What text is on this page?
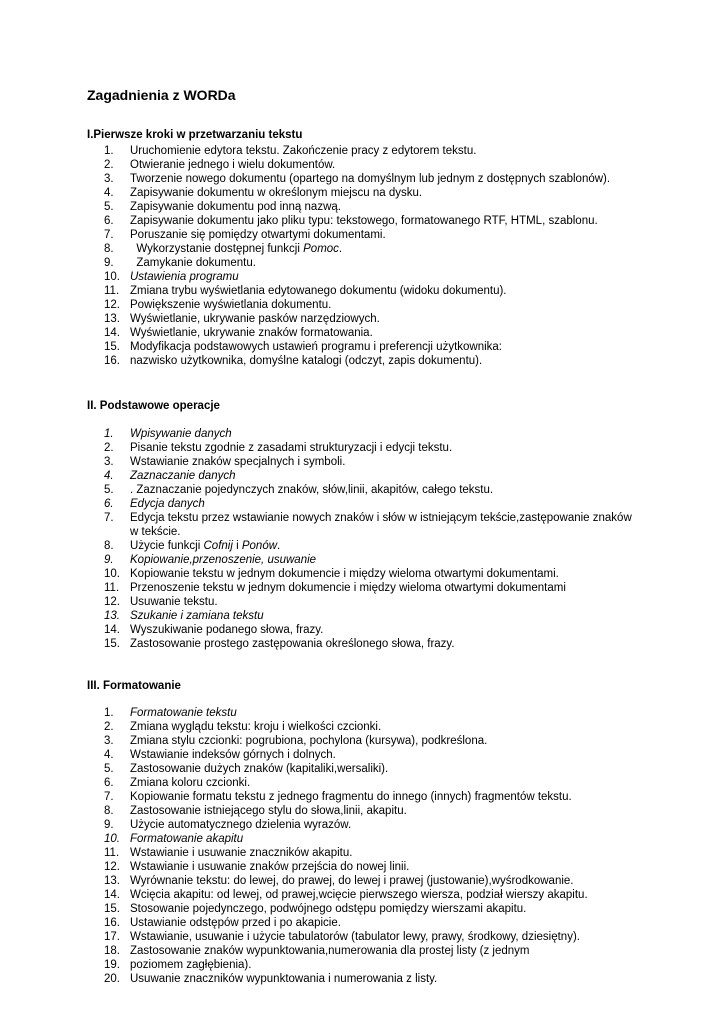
Zagadnienia z WORDa
I.Pierwsze kroki w przetwarzaniu tekstu
1. Uruchomienie edytora tekstu. Zakończenie pracy z edytorem tekstu.
2. Otwieranie jednego i wielu dokumentów.
3. Tworzenie nowego dokumentu (opartego na domyślnym lub jednym z dostępnych szablonów).
4. Zapisywanie dokumentu w określonym miejscu na dysku.
5. Zapisywanie dokumentu pod inną nazwą.
6. Zapisywanie dokumentu jako pliku typu: tekstowego, formatowanego RTF, HTML, szablonu.
7. Poruszanie się pomiędzy otwartymi dokumentami.
8. Wykorzystanie dostępnej funkcji Pomoc.
9. Zamykanie dokumentu.
10. Ustawienia programu
11. Zmiana trybu wyświetlania edytowanego dokumentu (widoku dokumentu).
12. Powiększenie wyświetlania dokumentu.
13. Wyświetlanie, ukrywanie pasków narzędziowych.
14. Wyświetlanie, ukrywanie znaków formatowania.
15. Modyfikacja podstawowych ustawień programu i preferencji użytkownika:
16. nazwisko użytkownika, domyślne katalogi (odczyt, zapis dokumentu).
II. Podstawowe operacje
1. Wpisywanie danych
2. Pisanie tekstu zgodnie z zasadami strukturyzacji i edycji tekstu.
3. Wstawianie znaków specjalnych i symboli.
4. Zaznaczanie danych
5. . Zaznaczanie pojedynczych znaków, słów,linii, akapitów, całego tekstu.
6. Edycja danych
7. Edycja tekstu przez wstawianie nowych znaków i słów w istniejącym tekście,zastępowanie znaków w tekście.
8. Użycie funkcji Cofnij i Ponów.
9. Kopiowanie,przenoszenie, usuwanie
10. Kopiowanie tekstu w jednym dokumencie i między wieloma otwartymi dokumentami.
11. Przenoszenie tekstu w jednym dokumencie i między wieloma otwartymi dokumentami
12. Usuwanie tekstu.
13. Szukanie i zamiana tekstu
14. Wyszukiwanie podanego słowa, frazy.
15. Zastosowanie prostego zastępowania określonego słowa, frazy.
III. Formatowanie
1. Formatowanie tekstu
2. Zmiana wyglądu tekstu: kroju i wielkości czcionki.
3. Zmiana stylu czcionki: pogrubiona, pochylona (kursywa), podkreślona.
4. Wstawianie indeksów górnych i dolnych.
5. Zastosowanie dużych znaków (kapitaliki,wersaliki).
6. Zmiana koloru czcionki.
7. Kopiowanie formatu tekstu z jednego fragmentu do innego (innych) fragmentów tekstu.
8. Zastosowanie istniejącego stylu do słowa,linii, akapitu.
9. Użycie automatycznego dzielenia wyrazów.
10. Formatowanie akapitu
11. Wstawianie i usuwanie znaczników akapitu.
12. Wstawianie i usuwanie znaków przejścia do nowej linii.
13. Wyrównanie tekstu: do lewej, do prawej, do lewej i prawej (justowanie),wyśrodkowanie.
14. Wcięcia akapitu: od lewej, od prawej,wcięcie pierwszego wiersza, podział wierszy akapitu.
15. Stosowanie pojedynczego, podwójnego odstępu pomiędzy wierszami akapitu.
16. Ustawianie odstępów przed i po akapicie.
17. Wstawianie, usuwanie i użycie tabulatorów (tabulator lewy, prawy, środkowy, dziesiętny).
18. Zastosowanie znaków wypunktowania,numerowania dla prostej listy (z jednym
19. poziomem zagłębienia).
20. Usuwanie znaczników wypunktowania i numerowania z listy.
